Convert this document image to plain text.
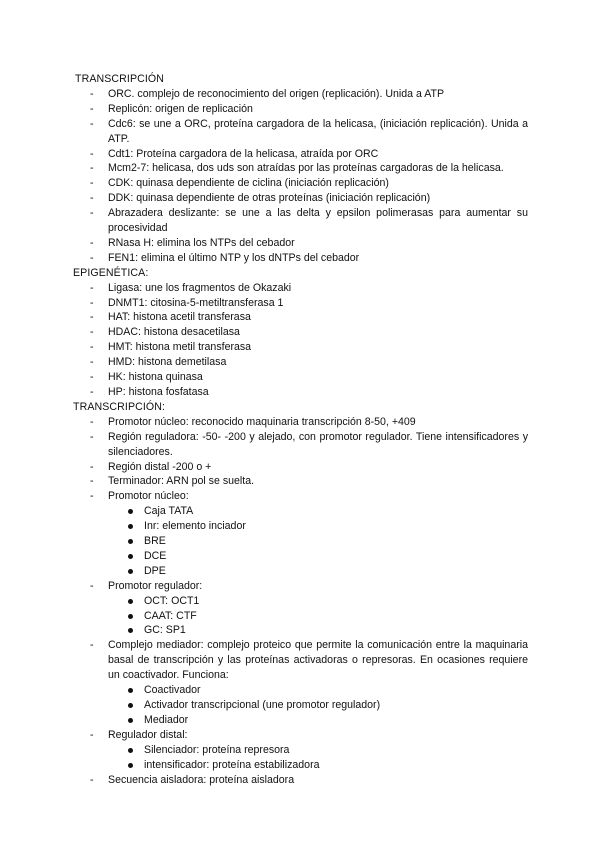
TRANSCRIPCIÓN
- ORC. complejo de reconocimiento del origen (replicación). Unida a ATP
- Replicón: origen de replicación
- Cdc6: se une a ORC, proteína cargadora de la helicasa, (iniciación replicación). Unida a ATP.
- Cdt1: Proteína cargadora de la helicasa, atraída por ORC
- Mcm2-7: helicasa, dos uds son atraídas por las proteínas cargadoras de la helicasa.
- CDK: quinasa dependiente de ciclina (iniciación replicación)
- DDK: quinasa dependiente de otras proteínas (iniciación replicación)
- Abrazadera deslizante: se une a las delta y epsilon polimerasas para aumentar su procesividad
- RNasa H: elimina los NTPs del cebador
- FEN1: elimina el último NTP y los dNTPs del cebador
EPIGENÉTICA:
- Ligasa: une los fragmentos de Okazaki
- DNMT1: citosina-5-metiltransferasa 1
- HAT: histona acetil transferasa
- HDAC: histona desacetilasa
- HMT: histona metil transferasa
- HMD: histona demetilasa
- HK: histona quinasa
- HP: histona fosfatasa
TRANSCRIPCIÓN:
- Promotor núcleo: reconocido maquinaria transcripción 8-50, +409
- Región reguladora: -50- -200 y alejado, con promotor regulador. Tiene intensificadores y silenciadores.
- Región distal -200 o +
- Terminador: ARN pol se suelta.
- Promotor núcleo:
Caja TATA
Inr: elemento inciador
BRE
DCE
DPE
- Promotor regulador:
OCT: OCT1
CAAT: CTF
GC: SP1
- Complejo mediador: complejo proteico que permite la comunicación entre la maquinaria basal de transcripción y las proteínas activadoras o represoras. En ocasiones requiere un coactivador. Funciona:
Coactivador
Activador transcripcional (une promotor regulador)
Mediador
- Regulador distal:
Silenciador: proteína represora
intensificador: proteína estabilizadora
- Secuencia aisladora: proteína aisladora
